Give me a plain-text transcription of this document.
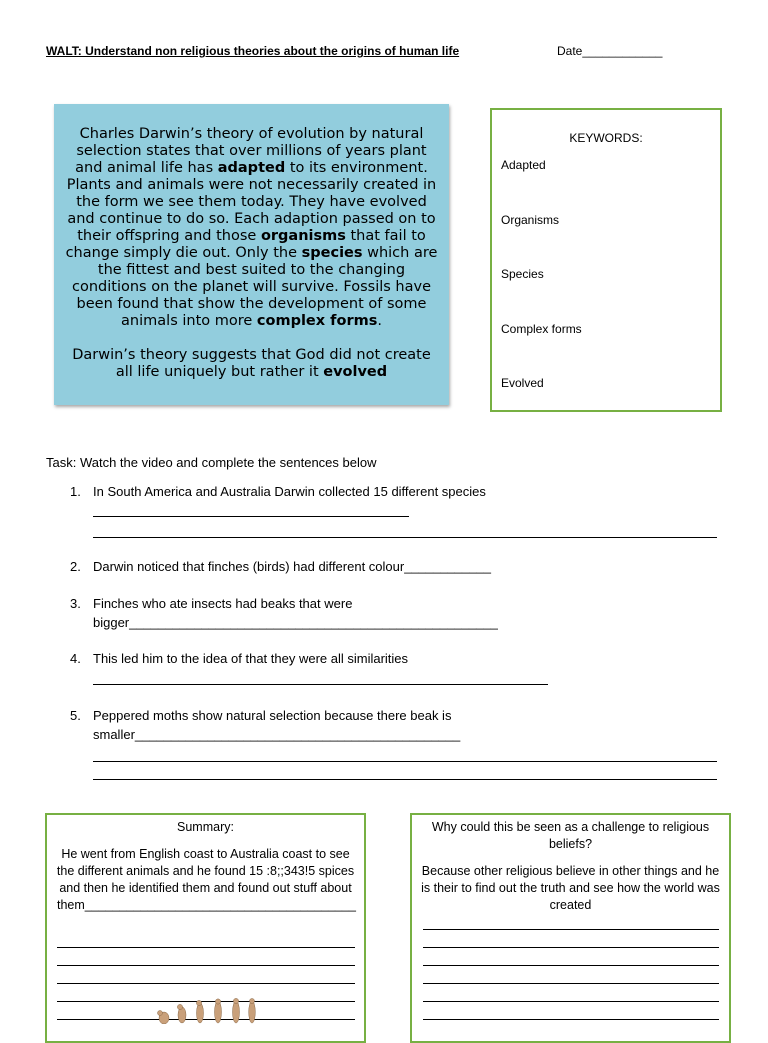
WALT: Understand non religious theories about the origins of human life	Date____________

Charles Darwin’s theory of evolution by natural selection states that over millions of years plant and animal life has adapted to its environment. Plants and animals were not necessarily created in the form we see them today. They have evolved and continue to do so. Each adaption passed on to their offspring and those organisms that fail to change simply die out. Only the species which are the fittest and best suited to the changing conditions on the planet will survive. Fossils have been found that show the development of some animals into more complex forms.

Darwin’s theory suggests that God did not create all life uniquely but rather it evolved

KEYWORDS:
Adapted
Organisms
Species
Complex forms
Evolved
Task: Watch the video and complete the sentences below
1. In South America and Australia Darwin collected 15 different species
2. Darwin noticed that finches (birds) had different colour____________
3. Finches who ate insects had beaks that were
bigger___________________________________________________
4. This led him to the idea of that they were all similarities
5. Peppered moths show natural selection because there beak is
smaller_____________________________________________
Summary:
He went from English coast to Australia coast to see the different animals and he found 15 :8;;343!5 spices and then he identified them and found out stuff about
them_______________________________________
Why could this be seen as a challenge to religious beliefs?
Because other religious believe in other things and he is their to find out the truth and see how the world was created
